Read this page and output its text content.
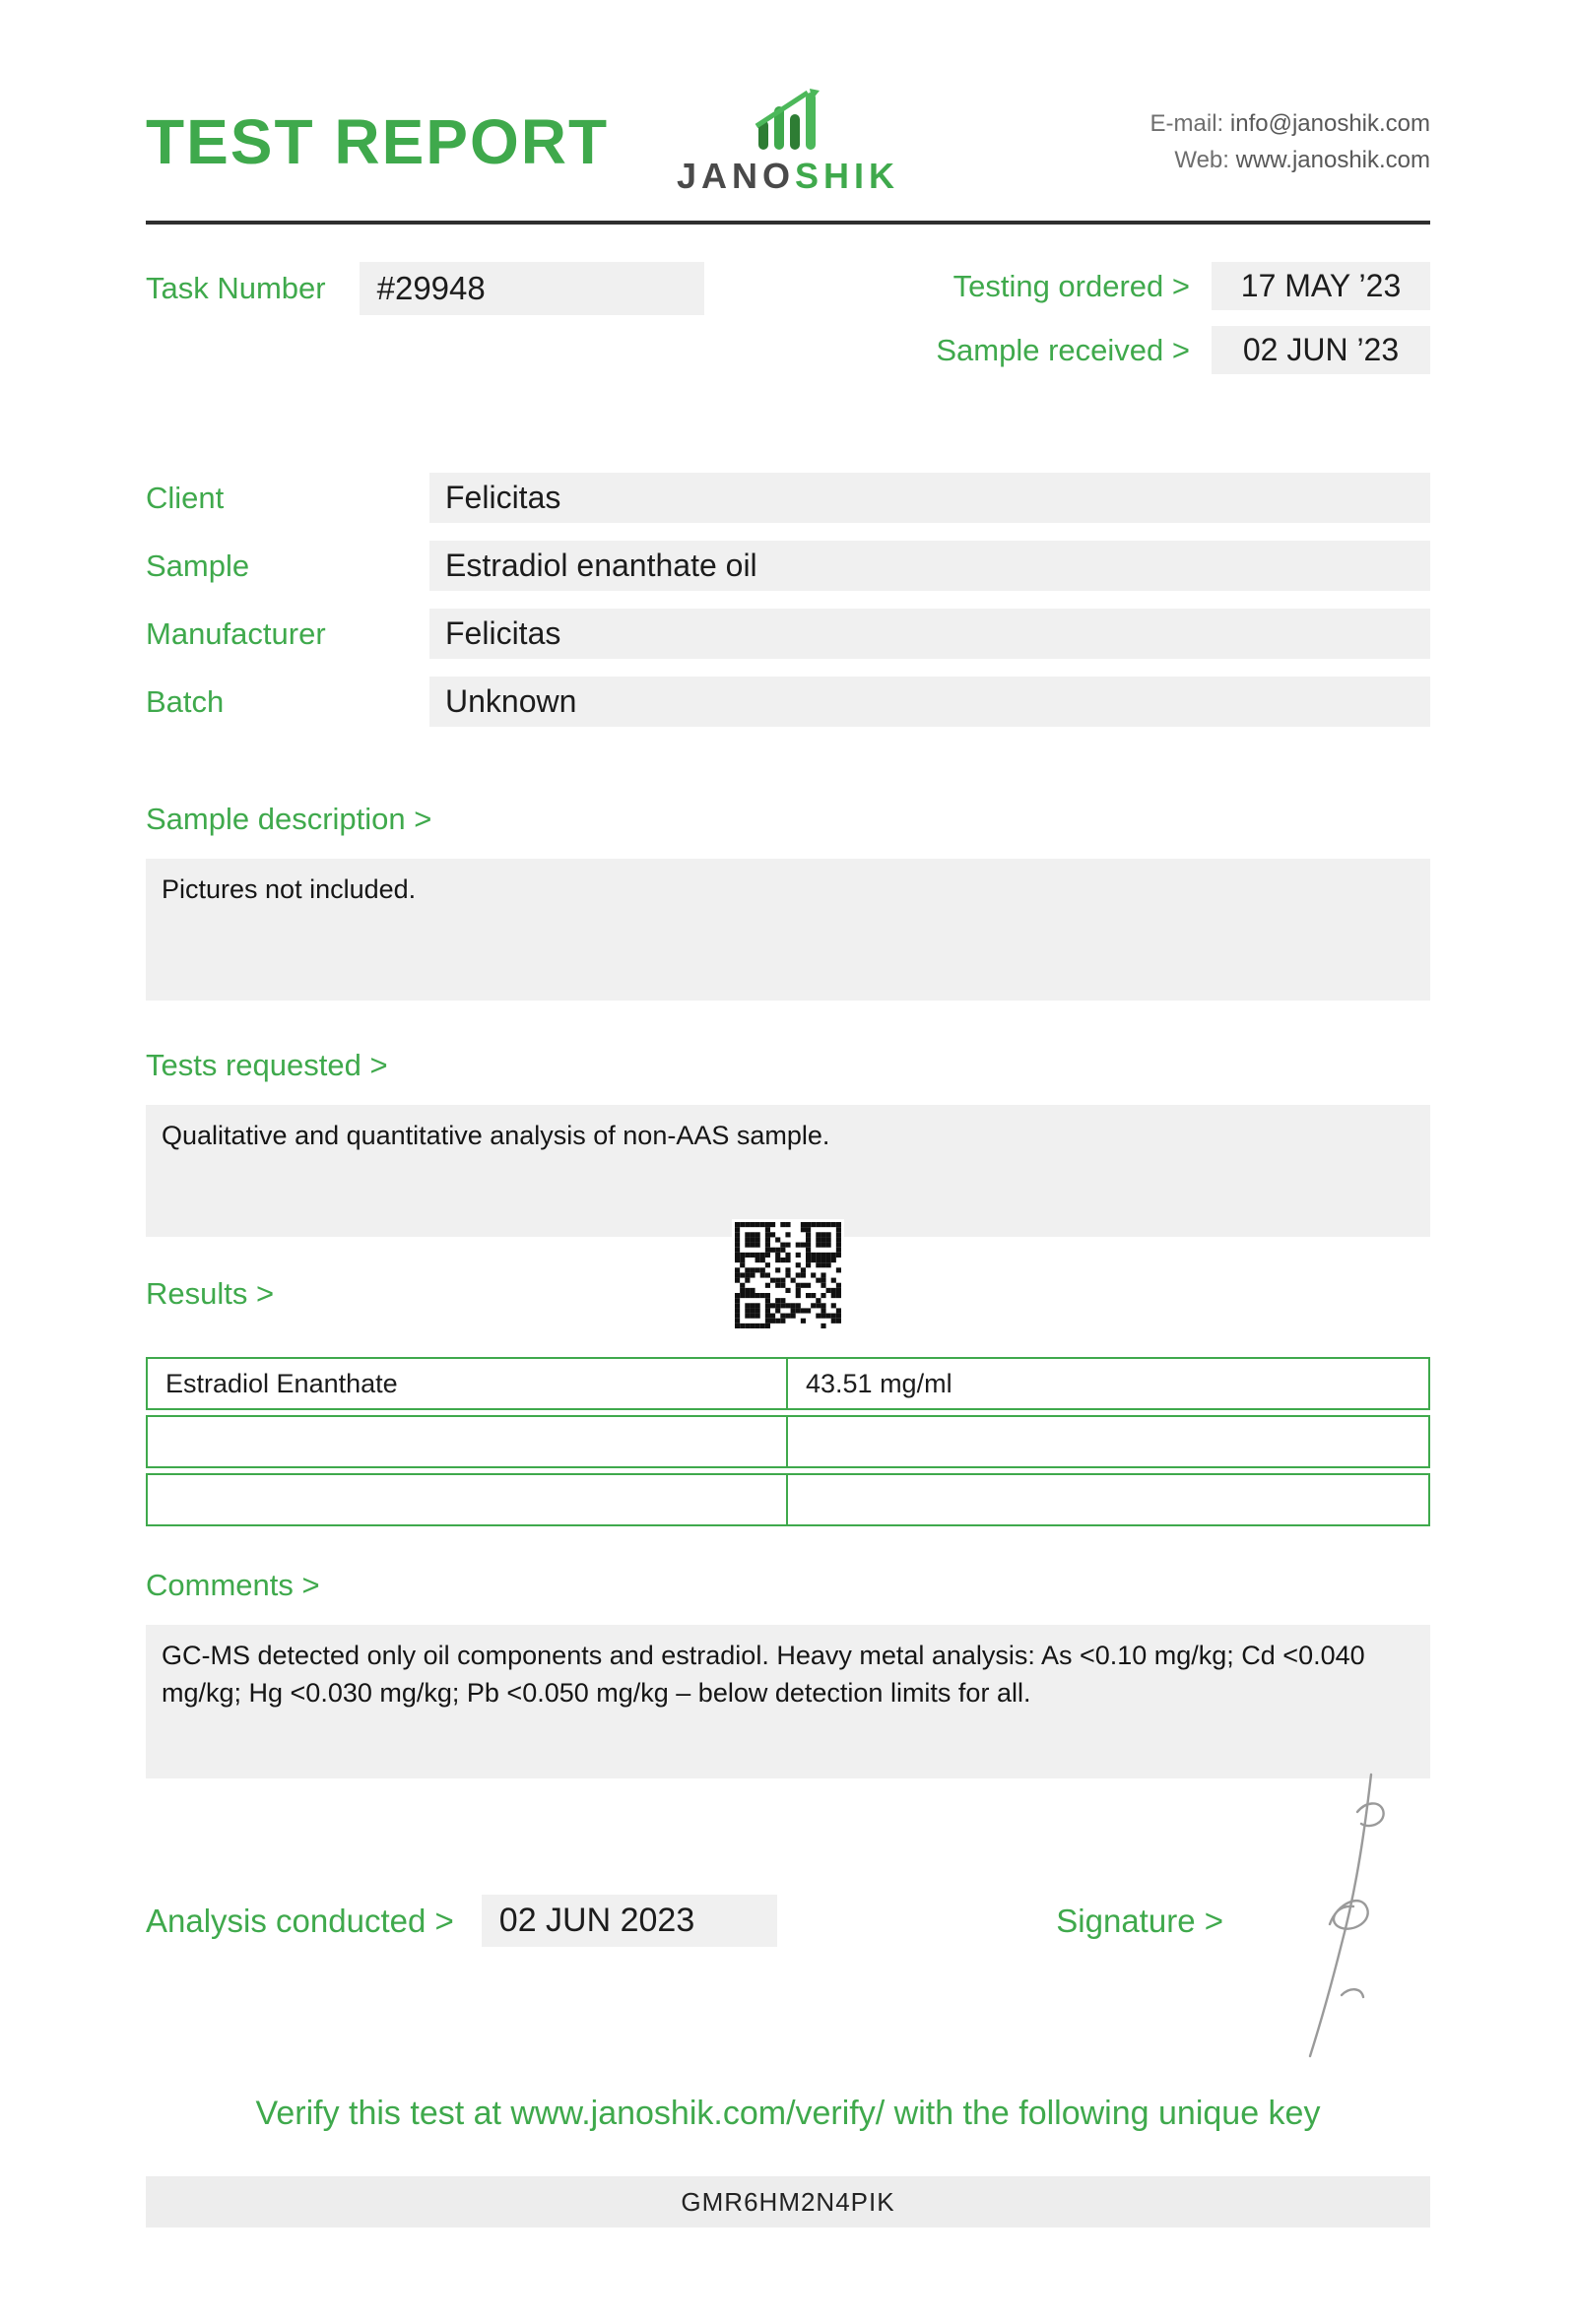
TEST REPORT	JANOSHIK
E-mail: info@janoshik.com
Web: www.janoshik.com
Task Number	#29948	Testing ordered >	17 MAY ’23
Sample received >	02 JUN ’23
Client	Felicitas
Sample	Estradiol enanthate oil
Manufacturer	Felicitas
Batch	Unknown
Sample description >
Pictures not included.
Tests requested >
Qualitative and quantitative analysis of non-AAS sample.
Results >
Estradiol Enanthate	43.51 mg/ml
Comments >
GC-MS detected only oil components and estradiol. Heavy metal analysis: As <0.10 mg/kg; Cd <0.040 mg/kg; Hg <0.030 mg/kg; Pb <0.050 mg/kg – below detection limits for all.
Analysis conducted >	02 JUN 2023	Signature >
Verify this test at www.janoshik.com/verify/ with the following unique key
GMR6HM2N4PIK
